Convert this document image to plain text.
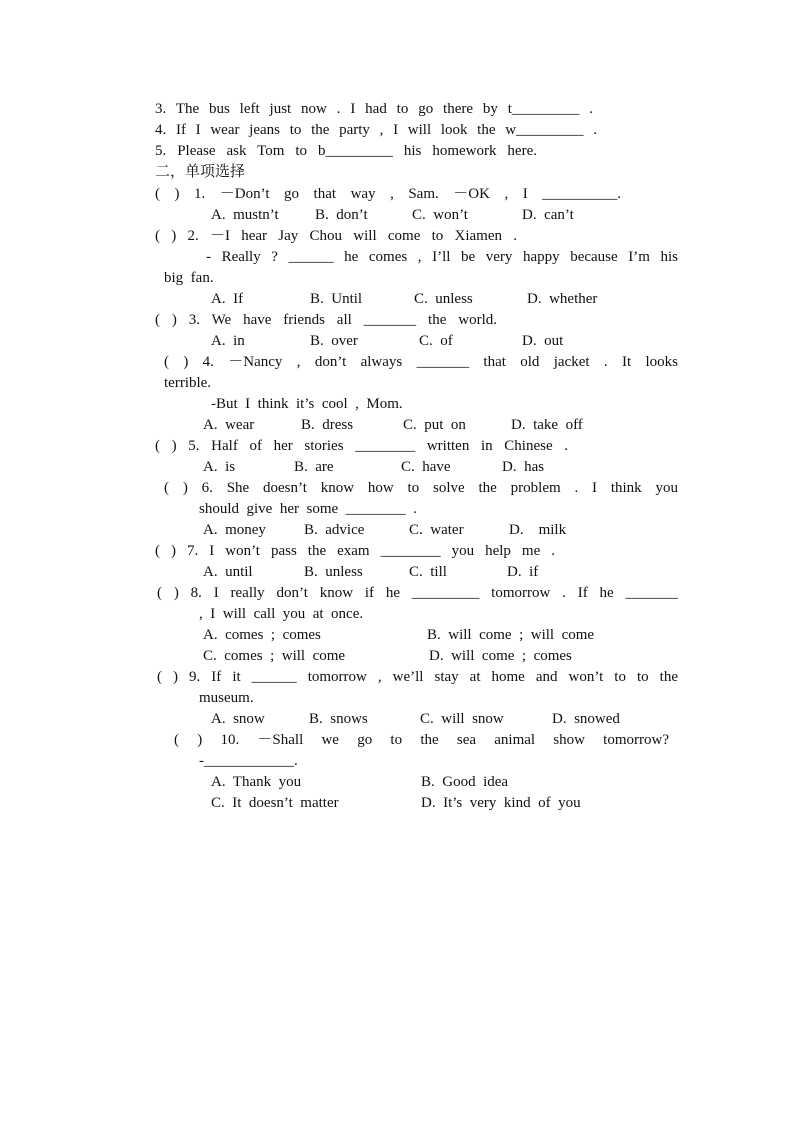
3. The bus left just now . I had to go there by t_________ .
4. If I wear jeans to the party , I will look the w_________ .
5. Please ask Tom to b_________ his homework here.
二，单项选择
( ) 1. －Don’t go that way , Sam. －OK , I __________.
A.  mustn’t B.  don’t	C.  won’t	D.  can’t
( ) 2. －I hear Jay Chou will come to Xiamen .
- Really ? ______ he comes , I’ll be very happy because I’m his
big  fan.
A.  If	B.  Until	C.  unless	D.  whether
( ) 3. We have friends all _______ the world.
A.  in	B.  over	C.  of	D.  out
( ) 4. －Nancy , don’t always _______ that old jacket . It looks
terrible.
-But  I  think  it’s  cool  ,  Mom.
A.  wear	B.  dress	C.  put  on	D.  take  off
( ) 5. Half of her stories ________ written in Chinese .
A.  is	B.  are	C.  have	D.  has
( ) 6. She doesn’t know how to solve the problem . I think you
should  give  her  some  ________  .
A.  money	B.  advice	C.  water	D.    milk
( ) 7. I won’t pass the exam ________ you help me .
A.  until	B.  unless	C.  till	D.  if
( ) 8. I really don’t know if he _________ tomorrow . If he _______
,  I  will  call  you  at  once.
A.  comes  ;  comes	B.  will  come  ;  will  come
C.  comes  ;  will  come	D.  will  come  ;  comes
( ) 9. If it ______ tomorrow , we’ll stay at home and won’t to to the
museum.
A.  snow	B.  snows	C.  will  snow	D.  snowed
( ) 10. －Shall we go to the sea animal show tomorrow?
-____________.
A.  Thank  you	B.  Good  idea
C.  It  doesn’t  matter	D.  It’s  very  kind  of  you
